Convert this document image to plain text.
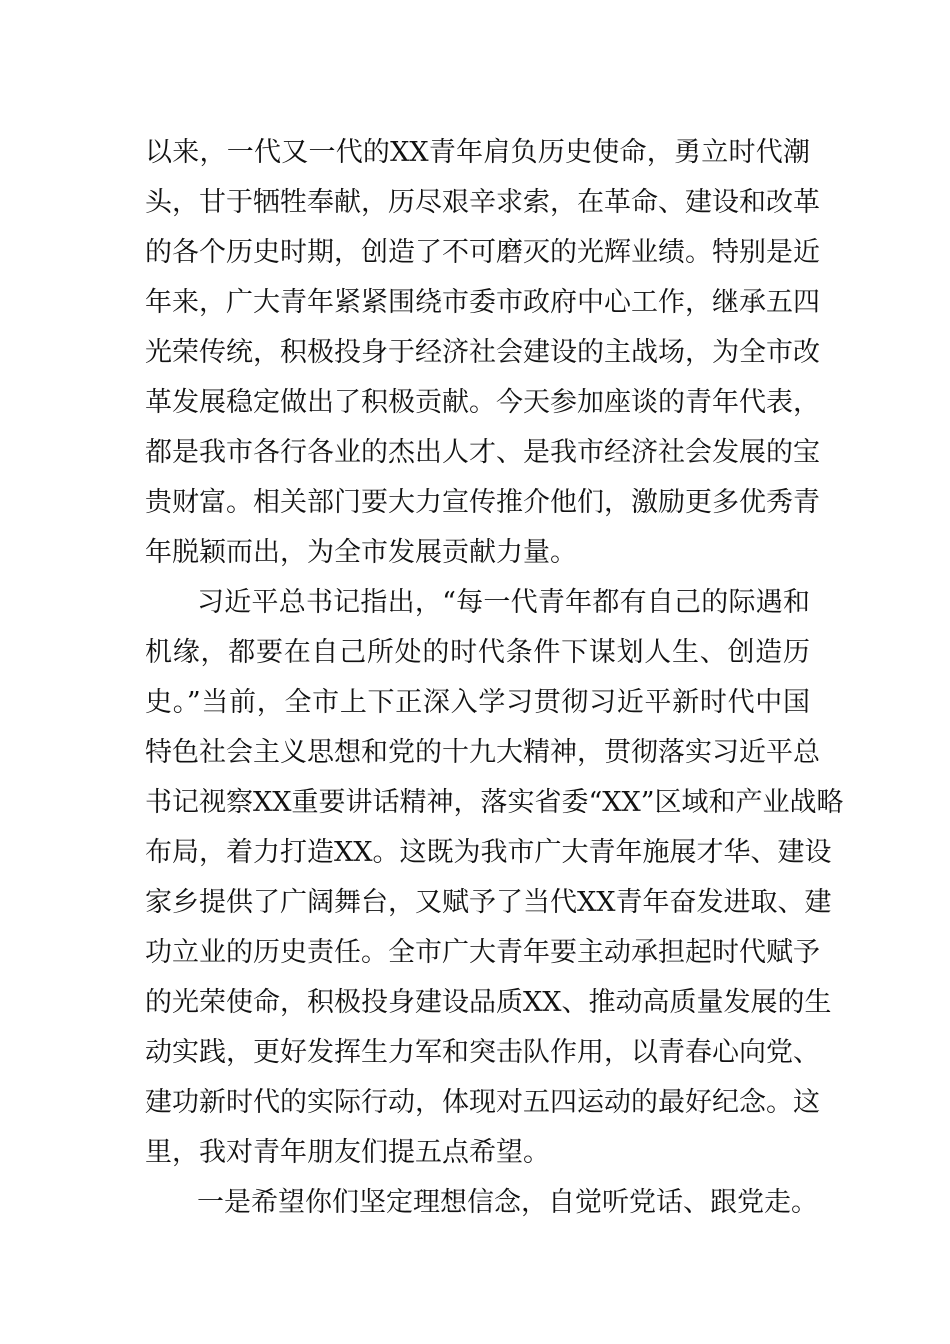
以来，一代又一代的XX青年肩负历史使命，勇立时代潮
头，甘于牺牲奉献，历尽艰辛求索，在革命、建设和改革
的各个历史时期，创造了不可磨灭的光辉业绩。特别是近
年来，广大青年紧紧围绕市委市政府中心工作，继承五四
光荣传统，积极投身于经济社会建设的主战场，为全市改
革发展稳定做出了积极贡献。今天参加座谈的青年代表，
都是我市各行各业的杰出人才、是我市经济社会发展的宝
贵财富。相关部门要大力宣传推介他们，激励更多优秀青
年脱颖而出，为全市发展贡献力量。
习近平总书记指出，“每一代青年都有自己的际遇和
机缘，都要在自己所处的时代条件下谋划人生、创造历
史。”当前，全市上下正深入学习贯彻习近平新时代中国
特色社会主义思想和党的十九大精神，贯彻落实习近平总
书记视察XX重要讲话精神，落实省委“XX”区域和产业战略
布局，着力打造XX。这既为我市广大青年施展才华、建设
家乡提供了广阔舞台，又赋予了当代XX青年奋发进取、建
功立业的历史责任。全市广大青年要主动承担起时代赋予
的光荣使命，积极投身建设品质XX、推动高质量发展的生
动实践，更好发挥生力军和突击队作用，以青春心向党、
建功新时代的实际行动，体现对五四运动的最好纪念。这
里，我对青年朋友们提五点希望。
一是希望你们坚定理想信念，自觉听党话、跟党走。
